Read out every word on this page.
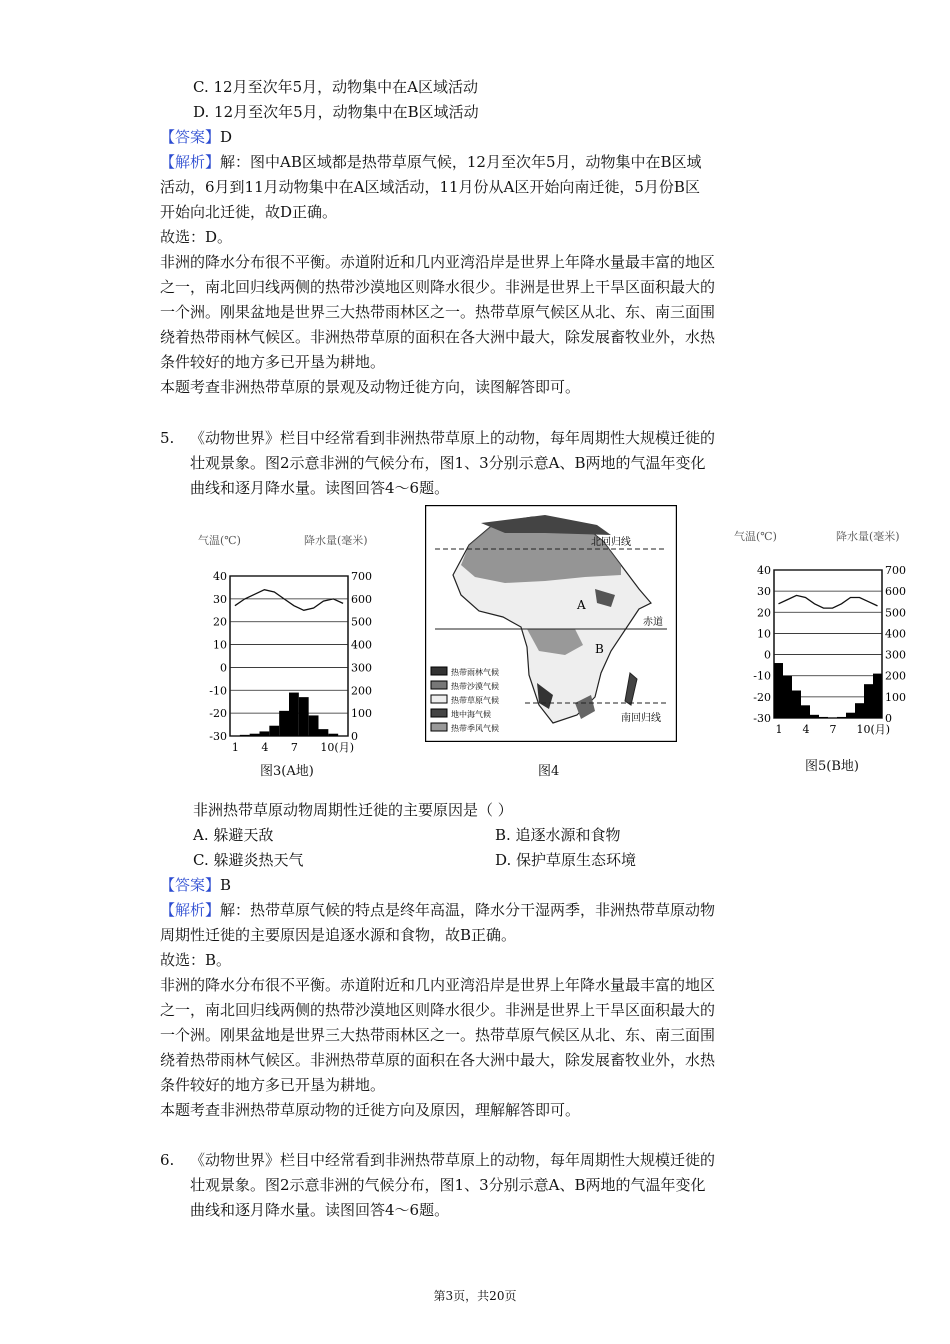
C. 12月至次年5月，动物集中在A区域活动
D. 12月至次年5月，动物集中在B区域活动
【答案】D
【解析】解：图中AB区域都是热带草原气候，12月至次年5月，动物集中在B区域
活动，6月到11月动物集中在A区域活动，11月份从A区开始向南迁徙，5月份B区
开始向北迁徙，故D正确。
故选：D。
非洲的降水分布很不平衡。赤道附近和几内亚湾沿岸是世界上年降水量最丰富的地区
之一，南北回归线两侧的热带沙漠地区则降水很少。非洲是世界上干旱区面积最大的
一个洲。刚果盆地是世界三大热带雨林区之一。热带草原气候区从北、东、南三面围
绕着热带雨林气候区。非洲热带草原的面积在各大洲中最大，除发展畜牧业外，水热
条件较好的地方多已开垦为耕地。
本题考查非洲热带草原的景观及动物迁徙方向，读图解答即可。
5. 《动物世界》栏目中经常看到非洲热带草原上的动物，每年周期性大规模迁徙的
壮观景象。图2示意非洲的气候分布，图1、3分别示意A、B两地的气温年变化
曲线和逐月降水量。读图回答4～6题。
气温(℃)	降水量(毫米)
40	700
30	600
20	500
10	400
0	300
-10	200
-20	100
-30	0
1 4 7 10(月)
图3(A地)
北回归线
赤道
南回归线
A
B
热带雨林气候
热带沙漠气候
热带草原气候
地中海气候
热带季风气候
图4
气温(℃)	降水量(毫米)
40	700
30	600
20	500
10	400
0	300
-10	200
-20	100
-30	0
1 4 7 10(月)
图5(B地)
非洲热带草原动物周期性迁徙的主要原因是（ ）
A. 躲避天敌	B. 追逐水源和食物
C. 躲避炎热天气	D. 保护草原生态环境
【答案】B
【解析】解：热带草原气候的特点是终年高温，降水分干湿两季，非洲热带草原动物
周期性迁徙的主要原因是追逐水源和食物，故B正确。
故选：B。
非洲的降水分布很不平衡。赤道附近和几内亚湾沿岸是世界上年降水量最丰富的地区
之一，南北回归线两侧的热带沙漠地区则降水很少。非洲是世界上干旱区面积最大的
一个洲。刚果盆地是世界三大热带雨林区之一。热带草原气候区从北、东、南三面围
绕着热带雨林气候区。非洲热带草原的面积在各大洲中最大，除发展畜牧业外，水热
条件较好的地方多已开垦为耕地。
本题考查非洲热带草原动物的迁徙方向及原因，理解解答即可。
6. 《动物世界》栏目中经常看到非洲热带草原上的动物，每年周期性大规模迁徙的
壮观景象。图2示意非洲的气候分布，图1、3分别示意A、B两地的气温年变化
曲线和逐月降水量。读图回答4～6题。
第3页，共20页
